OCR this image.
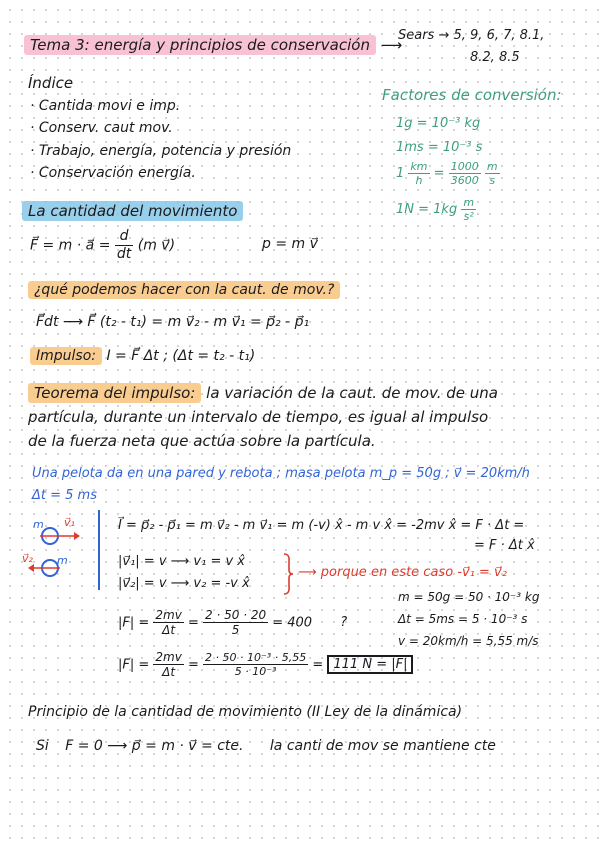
Tema 3: energía y principios de conservación ⟶
Sears → 5, 9, 6, 7, 8.1,
8.2, 8.5
Índice
· Cantida movi e imp.
· Conserv. caut mov.
· Trabajo, energía, potencia y presión
· Conservación energía.
Factores de conversión:
1g = 10⁻³ kg
1ms = 10⁻³ s
$1 \frac{km}{h} = \frac{1000}{3600}$
$\frac{m}{s}$
$1N = 1kg \frac{m}{\text{s²}}$
La cantidad del movimiento
F⃗ = m · a⃗ = $\frac{d}{dt} (m$ v⃗)	p = m v⃗
¿qué podemos hacer con la caut. de mov.?
F⃗dt ⟶ F⃗ (t₂ - t₁) = m v⃗₂ - m v⃗₁ = p⃗₂ - p⃗₁
Impulso: I = F⃗ Δt ; (Δt = t₂ - t₁)
Teorema del impulso: la variación de la caut. de mov. de una
partícula, durante un intervalo de tiempo, es igual al impulso
de la fuerza neta que actúa sobre la partícula.
Una pelota da en una pared y rebota ; masa pelota m_p = 50g ; v⃗ = 20km/h
Δt = 5 ms
m v⃗₁
v⃗₂ m
I⃗ = p⃗₂ - p⃗₁ = m v⃗₂ - m v⃗₁ = m (-v) x̂ - m v x̂ = -2mv x̂ = F · Δt =
= F · Δt x̂
|v⃗₁| = v ⟶ v₁ = v x̂
|v⃗₂| = v ⟶ v₂ = -v x̂
⟶ porque en este caso -v⃗₁ = v⃗₂
m = 50g = 50 · 10⁻³ kg
Δt = 5ms = 5 · 10⁻³ s
v = 20km/h = 5,55 m/s
$|F| = \frac{2mv}{\Delta t} = \frac{2 \cdot 50 \cdot 20}{5} = 400$ ?
$|F| = \frac{2mv}{\Delta t} = \frac{\text{2 · 50 · 10⁻³ · 5,55}}{\text{5 · 10⁻³}} = 111$ N = |F|
Principio de la cantidad de movimiento (II Ley de la dinámica)
Si F = 0 ⟶ p⃗ = m · v⃗ = cte. la canti de mov se mantiene cte
